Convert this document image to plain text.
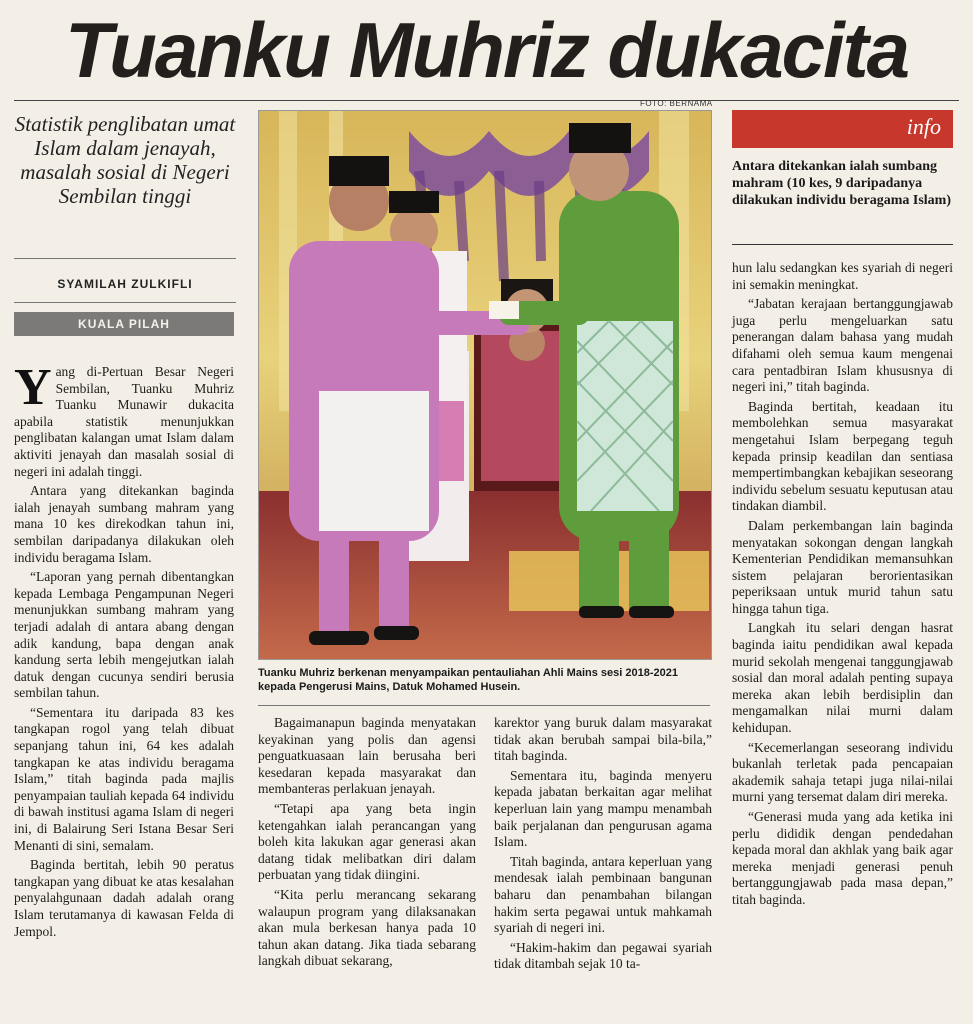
Tuanku Muhriz dukacita
Statistik penglibatan umat Islam dalam jenayah, masalah sosial di Negeri Sembilan tinggi
SYAMILAH ZULKIFLI
KUALA PILAH

Yang di-Pertuan Besar Negeri Sembilan, Tuanku Muhriz Tuanku Munawir dukacita apabila statistik menunjukkan penglibatan kalangan umat Islam dalam aktiviti jenayah dan masalah sosial di negeri ini adalah tinggi.

Antara yang ditekankan baginda ialah jenayah sumbang mahram yang mana 10 kes direkodkan tahun ini, sembilan daripadanya dilakukan oleh individu beragama Islam.

“Laporan yang pernah dibentangkan kepada Lembaga Pengampunan Negeri menunjukkan sumbang mahram yang terjadi adalah di antara abang dengan adik kandung, bapa dengan anak kandung serta lebih mengejutkan ialah datuk dengan cucunya sendiri berusia sembilan tahun.

“Sementara itu daripada 83 kes tangkapan rogol yang telah dibuat sepanjang tahun ini, 64 kes adalah tangkapan ke atas individu beragama Islam,” titah baginda pada majlis penyampaian tauliah kepada 64 individu di bawah institusi agama Islam di negeri ini, di Balairung Seri Istana Besar Seri Menanti di sini, semalam.

Baginda bertitah, lebih 90 peratus tangkapan yang dibuat ke atas kesalahan penyalahgunaan dadah adalah orang Islam terutamanya di kawasan Felda di Jempol.

FOTO: BERNAMA
Tuanku Muhriz berkenan menyampaikan pentauliahan Ahli Mains sesi 2018-2021 kepada Pengerusi Mains, Datuk Mohamed Husein.

Bagaimanapun baginda menyatakan keyakinan yang polis dan agensi penguatkuasaan lain berusaha beri kesedaran kepada masyarakat dan membanteras perlakuan jenayah.

“Tetapi apa yang beta ingin ketengahkan ialah perancangan yang boleh kita lakukan agar generasi akan datang tidak melibatkan diri dalam perbuatan yang tidak diingini.

“Kita perlu merancang sekarang walaupun program yang dilaksanakan akan mula berkesan hanya pada 10 tahun akan datang. Jika tiada sebarang langkah dibuat sekarang,

karektor yang buruk dalam masyarakat tidak akan berubah sampai bila-bila,” titah baginda.

Sementara itu, baginda menyeru kepada jabatan berkaitan agar melihat keperluan lain yang mampu menambah baik perjalanan dan pengurusan agama Islam.

Titah baginda, antara keperluan yang mendesak ialah pembinaan bangunan baharu dan penambahan bilangan hakim serta pegawai untuk mahkamah syariah di negeri ini.

“Hakim-hakim dan pegawai syariah tidak ditambah sejak 10 ta-

info
Antara ditekankan ialah sumbang mahram (10 kes, 9 daripadanya dilakukan individu beragama Islam)

hun lalu sedangkan kes syariah di negeri ini semakin meningkat.

“Jabatan kerajaan bertanggungjawab juga perlu mengeluarkan satu penerangan dalam bahasa yang mudah difahami oleh semua kaum mengenai cara pentadbiran Islam khususnya di negeri ini,” titah baginda.

Baginda bertitah, keadaan itu membolehkan semua masyarakat mengetahui Islam berpegang teguh kepada prinsip keadilan dan sentiasa mempertimbangkan kebajikan seseorang individu sebelum sesuatu keputusan atau tindakan diambil.

Dalam perkembangan lain baginda menyatakan sokongan dengan langkah Kementerian Pendidikan memansuhkan sistem pelajaran berorientasikan peperiksaan untuk murid tahun satu hingga tahun tiga.

Langkah itu selari dengan hasrat baginda iaitu pendidikan awal kepada murid sekolah mengenai tanggungjawab sosial dan moral adalah penting supaya mereka akan lebih berdisiplin dan mengamalkan nilai murni dalam kehidupan.

“Kecemerlangan seseorang individu bukanlah terletak pada pencapaian akademik sahaja tetapi juga nilai-nilai murni yang tersemat dalam diri mereka.

“Generasi muda yang ada ketika ini perlu dididik dengan pendedahan kepada moral dan akhlak yang baik agar mereka menjadi generasi penuh bertanggungjawab pada masa depan,” titah baginda.
